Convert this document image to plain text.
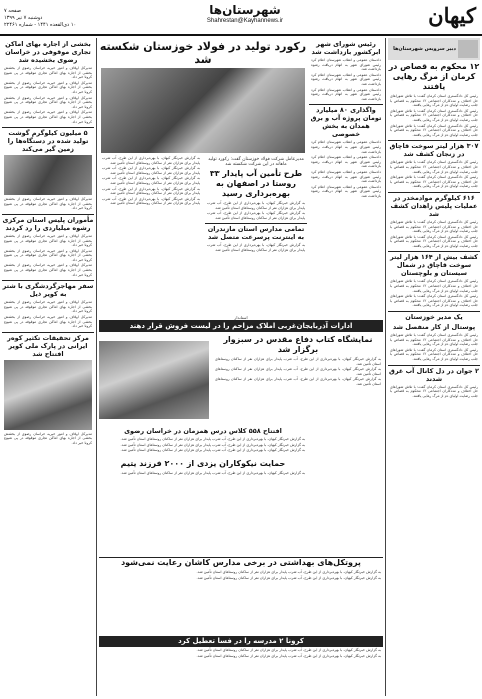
کیهان
شهرستان‌ها
Shahrestan@Kayhannews.ir
صفحه ۷
دوشنبه ۷ تیر ۱۳۹۹
۱۰ ذی‌القعده ۱۴۴۱ - شماره ۲۲۴۶۱
دبیر سرویس شهرستان‌ها
۱۲ محکوم به قصاص در کرمان از مرگ رهایی یافتند
رئیس کل دادگستری استان کرمان گفت: با تلاش شوراهای حل اختلاف و مددکاران اجتماعی ۱۲ محکوم به قصاص با جلب رضایت اولیای دم از مرگ رهایی یافتند.
رئیس کل دادگستری استان کرمان گفت: با تلاش شوراهای حل اختلاف و مددکاران اجتماعی ۱۲ محکوم به قصاص با جلب رضایت اولیای دم از مرگ رهایی یافتند.
رئیس کل دادگستری استان کرمان گفت: با تلاش شوراهای حل اختلاف و مددکاران اجتماعی ۱۲ محکوم به قصاص با جلب رضایت اولیای دم از مرگ رهایی یافتند.
۳۰۷ هزار لیتر سوخت قاچاق در زنجان کشف شد
رئیس کل دادگستری استان کرمان گفت: با تلاش شوراهای حل اختلاف و مددکاران اجتماعی ۱۲ محکوم به قصاص با جلب رضایت اولیای دم از مرگ رهایی یافتند.
رئیس کل دادگستری استان کرمان گفت: با تلاش شوراهای حل اختلاف و مددکاران اجتماعی ۱۲ محکوم به قصاص با جلب رضایت اولیای دم از مرگ رهایی یافتند.
۶۱۶ کیلوگرم موادمخدر در عملیات پلیس زاهدان کشف شد
رئیس کل دادگستری استان کرمان گفت: با تلاش شوراهای حل اختلاف و مددکاران اجتماعی ۱۲ محکوم به قصاص با جلب رضایت اولیای دم از مرگ رهایی یافتند.
رئیس کل دادگستری استان کرمان گفت: با تلاش شوراهای حل اختلاف و مددکاران اجتماعی ۱۲ محکوم به قصاص با جلب رضایت اولیای دم از مرگ رهایی یافتند.
کشف بیش از ۱۶۴ هزار لیتر سوخت قاچاق در شمال سیستان و بلوچستان
رئیس کل دادگستری استان کرمان گفت: با تلاش شوراهای حل اختلاف و مددکاران اجتماعی ۱۲ محکوم به قصاص با جلب رضایت اولیای دم از مرگ رهایی یافتند.
رئیس کل دادگستری استان کرمان گفت: با تلاش شوراهای حل اختلاف و مددکاران اجتماعی ۱۲ محکوم به قصاص با جلب رضایت اولیای دم از مرگ رهایی یافتند.
یک مدیر خوزستان
پوستال از کار منفصل شد
رئیس کل دادگستری استان کرمان گفت: با تلاش شوراهای حل اختلاف و مددکاران اجتماعی ۱۲ محکوم به قصاص با جلب رضایت اولیای دم از مرگ رهایی یافتند.
رئیس کل دادگستری استان کرمان گفت: با تلاش شوراهای حل اختلاف و مددکاران اجتماعی ۱۲ محکوم به قصاص با جلب رضایت اولیای دم از مرگ رهایی یافتند.
۲ جوان در دل کانال آب غرق شدند
رئیس کل دادگستری استان کرمان گفت: با تلاش شوراهای حل اختلاف و مددکاران اجتماعی ۱۲ محکوم به قصاص با جلب رضایت اولیای دم از مرگ رهایی یافتند.
رئیس شورای شهر ابرکشور بازداشت شد
دادستان عمومی و انقلاب شهرستان اعلام کرد رئیس شورای شهر به اتهام دریافت رشوه بازداشت شد.
دادستان عمومی و انقلاب شهرستان اعلام کرد رئیس شورای شهر به اتهام دریافت رشوه بازداشت شد.
دادستان عمومی و انقلاب شهرستان اعلام کرد رئیس شورای شهر به اتهام دریافت رشوه بازداشت شد.
واگذاری ۸۰ میلیارد تومان پروژه آب و برق همدان به بخش خصوصی
دادستان عمومی و انقلاب شهرستان اعلام کرد رئیس شورای شهر به اتهام دریافت رشوه بازداشت شد.
دادستان عمومی و انقلاب شهرستان اعلام کرد رئیس شورای شهر به اتهام دریافت رشوه بازداشت شد.
دادستان عمومی و انقلاب شهرستان اعلام کرد رئیس شورای شهر به اتهام دریافت رشوه بازداشت شد.
دادستان عمومی و انقلاب شهرستان اعلام کرد رئیس شورای شهر به اتهام دریافت رشوه بازداشت شد.
رکورد تولید در فولاد خوزستان شکسته شد
مدیرعامل شرکت فولاد خوزستان گفت: رکورد تولید ماهانه در این شرکت شکسته شد
طرح تأمین آب پایدار ۳۳ روستا در اصفهان به بهره‌برداری رسید
به گزارش خبرنگار کیهان، با بهره‌برداری از این طرح، آب شرب پایدار برای هزاران نفر از ساکنان روستاهای استان تأمین شد.
به گزارش خبرنگار کیهان، با بهره‌برداری از این طرح، آب شرب پایدار برای هزاران نفر از ساکنان روستاهای استان تأمین شد.
تمامی مدارس استان مازندران به اینترنت پرسرعت متصل شد
به گزارش خبرنگار کیهان، با بهره‌برداری از این طرح، آب شرب پایدار برای هزاران نفر از ساکنان روستاهای استان تأمین شد.
به گزارش خبرنگار کیهان، با بهره‌برداری از این طرح، آب شرب پایدار برای هزاران نفر از ساکنان روستاهای استان تأمین شد.
به گزارش خبرنگار کیهان، با بهره‌برداری از این طرح، آب شرب پایدار برای هزاران نفر از ساکنان روستاهای استان تأمین شد.
به گزارش خبرنگار کیهان، با بهره‌برداری از این طرح، آب شرب پایدار برای هزاران نفر از ساکنان روستاهای استان تأمین شد.
به گزارش خبرنگار کیهان، با بهره‌برداری از این طرح، آب شرب پایدار برای هزاران نفر از ساکنان روستاهای استان تأمین شد.
به گزارش خبرنگار کیهان، با بهره‌برداری از این طرح، آب شرب پایدار برای هزاران نفر از ساکنان روستاهای استان تأمین شد.
استاندار
ادارات آذربایجان‌غربی املاک مزاحم را در لیست فروش قرار دهند
نمایشگاه کتاب دفاع مقدس در سبزوار برگزار شد
به گزارش خبرنگار کیهان، با بهره‌برداری از این طرح، آب شرب پایدار برای هزاران نفر از ساکنان روستاهای استان تأمین شد.
به گزارش خبرنگار کیهان، با بهره‌برداری از این طرح، آب شرب پایدار برای هزاران نفر از ساکنان روستاهای استان تأمین شد.
به گزارش خبرنگار کیهان، با بهره‌برداری از این طرح، آب شرب پایدار برای هزاران نفر از ساکنان روستاهای استان تأمین شد.
افتتاح ۵۵۸ کلاس درس همزمان در خراسان رضوی
به گزارش خبرنگار کیهان، با بهره‌برداری از این طرح، آب شرب پایدار برای هزاران نفر از ساکنان روستاهای استان تأمین شد.
به گزارش خبرنگار کیهان، با بهره‌برداری از این طرح، آب شرب پایدار برای هزاران نفر از ساکنان روستاهای استان تأمین شد.
به گزارش خبرنگار کیهان، با بهره‌برداری از این طرح، آب شرب پایدار برای هزاران نفر از ساکنان روستاهای استان تأمین شد.
حمایت نیکوکاران یزدی از ۲۰۰۰ فرزند یتیم
به گزارش خبرنگار کیهان، با بهره‌برداری از این طرح، آب شرب پایدار برای هزاران نفر از ساکنان روستاهای استان تأمین شد.
پروتکل‌های بهداشتی در برخی مدارس کاشان رعایت نمی‌شود
به گزارش خبرنگار کیهان، با بهره‌برداری از این طرح، آب شرب پایدار برای هزاران نفر از ساکنان روستاهای استان تأمین شد.
به گزارش خبرنگار کیهان، با بهره‌برداری از این طرح، آب شرب پایدار برای هزاران نفر از ساکنان روستاهای استان تأمین شد.
کرونا ۲ مدرسه را در فسا تعطیل کرد
به گزارش خبرنگار کیهان، با بهره‌برداری از این طرح، آب شرب پایدار برای هزاران نفر از ساکنان روستاهای استان تأمین شد.
به گزارش خبرنگار کیهان، با بهره‌برداری از این طرح، آب شرب پایدار برای هزاران نفر از ساکنان روستاهای استان تأمین شد.
بخشی از اجاره بهای اماکن تجاری موقوفی در خراسان رضوی بخشیده شد
مدیرکل اوقاف و امور خیریه خراسان رضوی از بخشش بخشی از اجاره بهای اماکن تجاری موقوفه در پی شیوع کرونا خبر داد.
مدیرکل اوقاف و امور خیریه خراسان رضوی از بخشش بخشی از اجاره بهای اماکن تجاری موقوفه در پی شیوع کرونا خبر داد.
مدیرکل اوقاف و امور خیریه خراسان رضوی از بخشش بخشی از اجاره بهای اماکن تجاری موقوفه در پی شیوع کرونا خبر داد.
مدیرکل اوقاف و امور خیریه خراسان رضوی از بخشش بخشی از اجاره بهای اماکن تجاری موقوفه در پی شیوع کرونا خبر داد.
۵ میلیون کیلوگرم گوشت تولید شده در دستگاه‌ها را زمین گیر می‌کند
مدیرکل اوقاف و امور خیریه خراسان رضوی از بخشش بخشی از اجاره بهای اماکن تجاری موقوفه در پی شیوع کرونا خبر داد.
مأموران پلیس استان مرکزی رشوه میلیاردی را رد کردند
مدیرکل اوقاف و امور خیریه خراسان رضوی از بخشش بخشی از اجاره بهای اماکن تجاری موقوفه در پی شیوع کرونا خبر داد.
مدیرکل اوقاف و امور خیریه خراسان رضوی از بخشش بخشی از اجاره بهای اماکن تجاری موقوفه در پی شیوع کرونا خبر داد.
مدیرکل اوقاف و امور خیریه خراسان رضوی از بخشش بخشی از اجاره بهای اماکن تجاری موقوفه در پی شیوع کرونا خبر داد.
سفر مهاجرگردشگری با شتر به کویر ذیل
مدیرکل اوقاف و امور خیریه خراسان رضوی از بخشش بخشی از اجاره بهای اماکن تجاری موقوفه در پی شیوع کرونا خبر داد.
مدیرکل اوقاف و امور خیریه خراسان رضوی از بخشش بخشی از اجاره بهای اماکن تجاری موقوفه در پی شیوع کرونا خبر داد.
مرکز تحقیقات تکثیر کوه‌ر ایرانی در پارک ملی کویر افتتاح شد
مدیرکل اوقاف و امور خیریه خراسان رضوی از بخشش بخشی از اجاره بهای اماکن تجاری موقوفه در پی شیوع کرونا خبر داد.
